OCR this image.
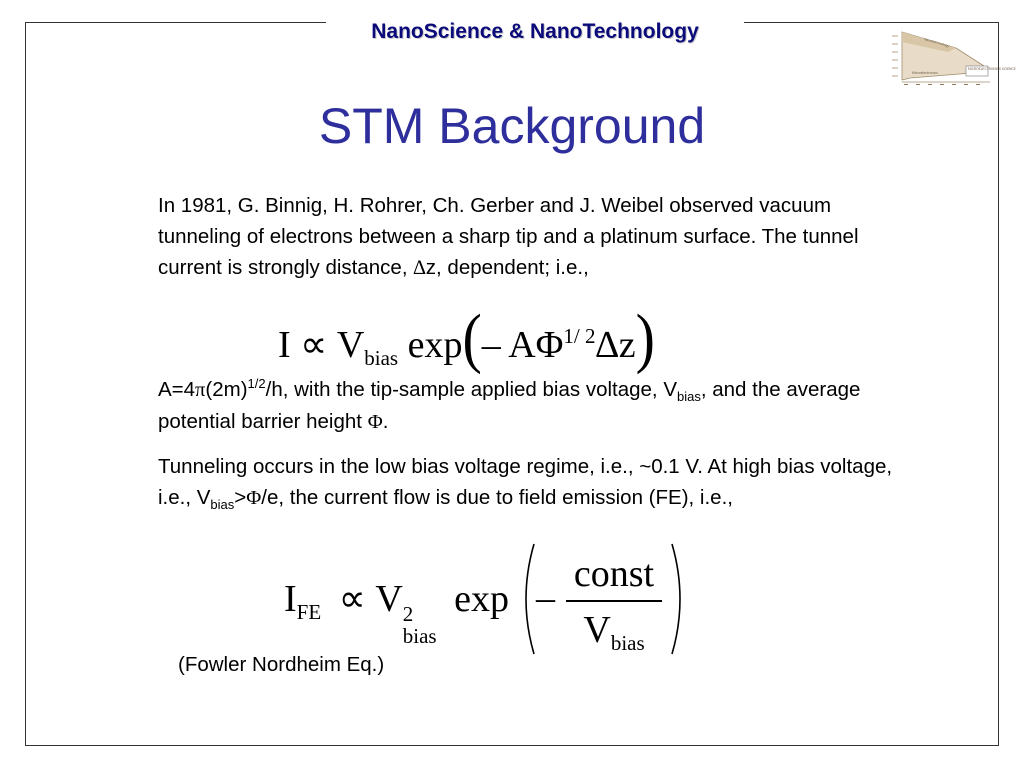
NanoScience & NanoTechnology	Nanotechnology
MICROELECTRONICS SCIENCE
Microelectronics
STM Background
In 1981, G. Binnig, H. Rohrer, Ch. Gerber and J. Weibel observed vacuum tunneling of electrons between a sharp tip and a platinum surface. The tunnel current is strongly distance, ∆z, dependent; i.e.,
I ∝ Vbias exp(– AΦ1/ 2∆z)
$A=4\pi(2m)^{1/2}/h$, with the tip-sample applied bias voltage, $V_{bias}$, and the average potential barrier height Φ.
Tunneling occurs in the low bias voltage regime, i.e., ~0.1 V. At high bias voltage, i.e., $V_{bias}>\Phi/e$, the current flow is due to field emission (FE), i.e.,
IFE ∝ V 2
bias
exp –
const
Vbias
(Fowler Nordheim Eq.)
